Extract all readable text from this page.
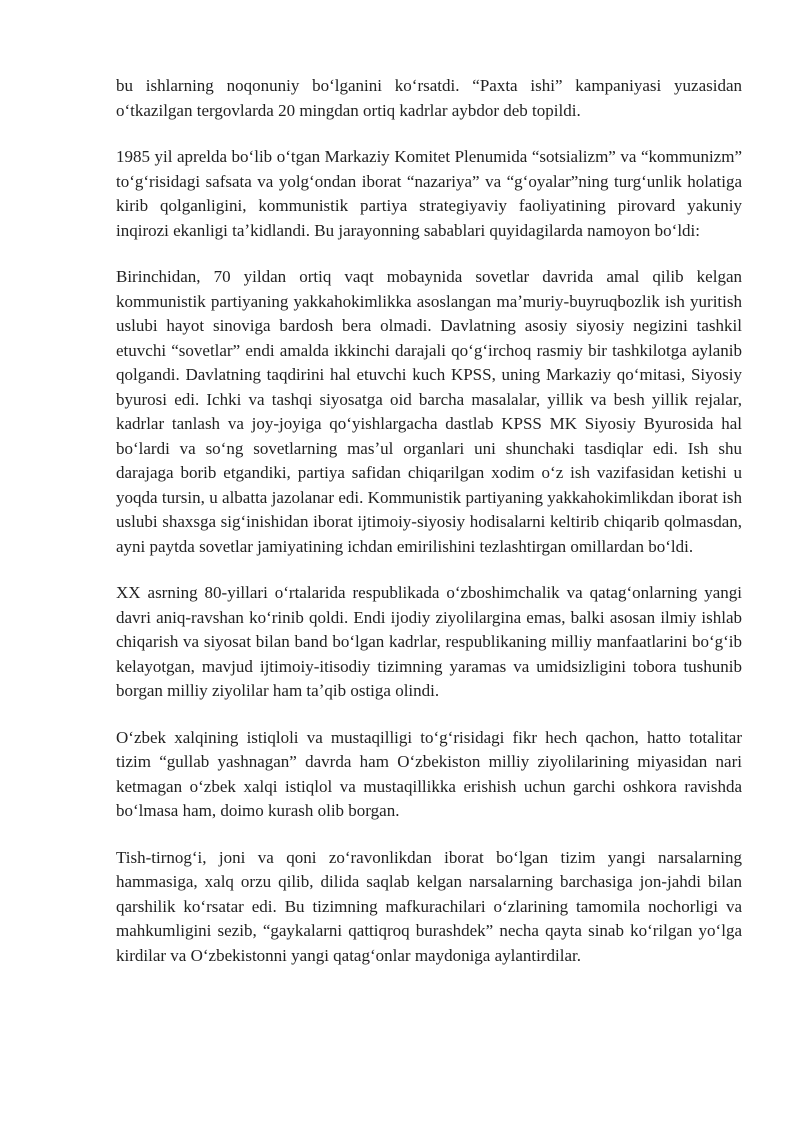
bu ishlarning noqonuniy boʻlganini koʻrsatdi. “Paxta ishi” kampaniyasi yuzasidan oʻtkazilgan tergovlarda 20 mingdan ortiq kadrlar aybdor deb topildi.

1985 yil aprelda boʻlib oʻtgan Markaziy Komitet Plenumida “sotsializm” va “kommunizm” toʻgʻrisidagi safsata va yolgʻondan iborat “nazariya” va “gʻoyalar”ning turgʻunlik holatiga kirib qolganligini, kommunistik partiya strategiyaviy faoliyatining pirovard yakuniy inqirozi ekanligi taʼkidlandi. Bu jarayonning sabablari quyidagilarda namoyon boʻldi:

Birinchidan, 70 yildan ortiq vaqt mobaynida sovetlar davrida amal qilib kelgan kommunistik partiyaning yakkahokimlikka asoslangan maʼmuriy-buyruqbozlik ish yuritish uslubi hayot sinoviga bardosh bera olmadi. Davlatning asosiy siyosiy negizini tashkil etuvchi “sovetlar” endi amalda ikkinchi darajali qoʻgʻirchoq rasmiy bir tashkilotga aylanib qolgandi. Davlatning taqdirini hal etuvchi kuch KPSS, uning Markaziy qoʻmitasi, Siyosiy byurosi edi. Ichki va tashqi siyosatga oid barcha masalalar, yillik va besh yillik rejalar, kadrlar tanlash va joy-joyiga qoʻyishlargacha dastlab KPSS MK Siyosiy Byurosida hal boʻlardi va soʻng sovetlarning masʼul organlari uni shunchaki tasdiqlar edi. Ish shu darajaga borib etgandiki, partiya safidan chiqarilgan xodim oʻz ish vazifasidan ketishi u yoqda tursin, u albatta jazolanar edi. Kommunistik partiyaning yakkahokimlikdan iborat ish uslubi shaxsga sigʻinishidan iborat ijtimoiy-siyosiy hodisalarni keltirib chiqarib qolmasdan, ayni paytda sovetlar jamiyatining ichdan emirilishini tezlashtirgan omillardan boʻldi.

XX asrning 80-yillari oʻrtalarida respublikada oʻzboshimchalik va qatagʻonlarning yangi davri aniq-ravshan koʻrinib qoldi. Endi ijodiy ziyolilargina emas, balki asosan ilmiy ishlab chiqarish va siyosat bilan band boʻlgan kadrlar, respublikaning milliy manfaatlarini boʻgʻib kelayotgan, mavjud ijtimoiy-itisodiy tizimning yaramas va umidsizligini tobora tushunib borgan milliy ziyolilar ham taʼqib ostiga olindi.

Oʻzbek xalqining istiqloli va mustaqilligi toʻgʻrisidagi fikr hech qachon, hatto totalitar tizim “gullab yashnagan” davrda ham Oʻzbekiston milliy ziyolilarining miyasidan nari ketmagan oʻzbek xalqi istiqlol va mustaqillikka erishish uchun garchi oshkora ravishda boʻlmasa ham, doimo kurash olib borgan.

Tish-tirnogʻi, joni va qoni zoʻravonlikdan iborat boʻlgan tizim yangi narsalarning hammasiga, xalq orzu qilib, dilida saqlab kelgan narsalarning barchasiga jon-jahdi bilan qarshilik koʻrsatar edi. Bu tizimning mafkurachilari oʻzlarining tamomila nochorligi va mahkumligini sezib, “gaykalarni qattiqroq burashdek” necha qayta sinab koʻrilgan yoʻlga kirdilar va Oʻzbekistonni yangi qatagʻonlar maydoniga aylantirdilar.
